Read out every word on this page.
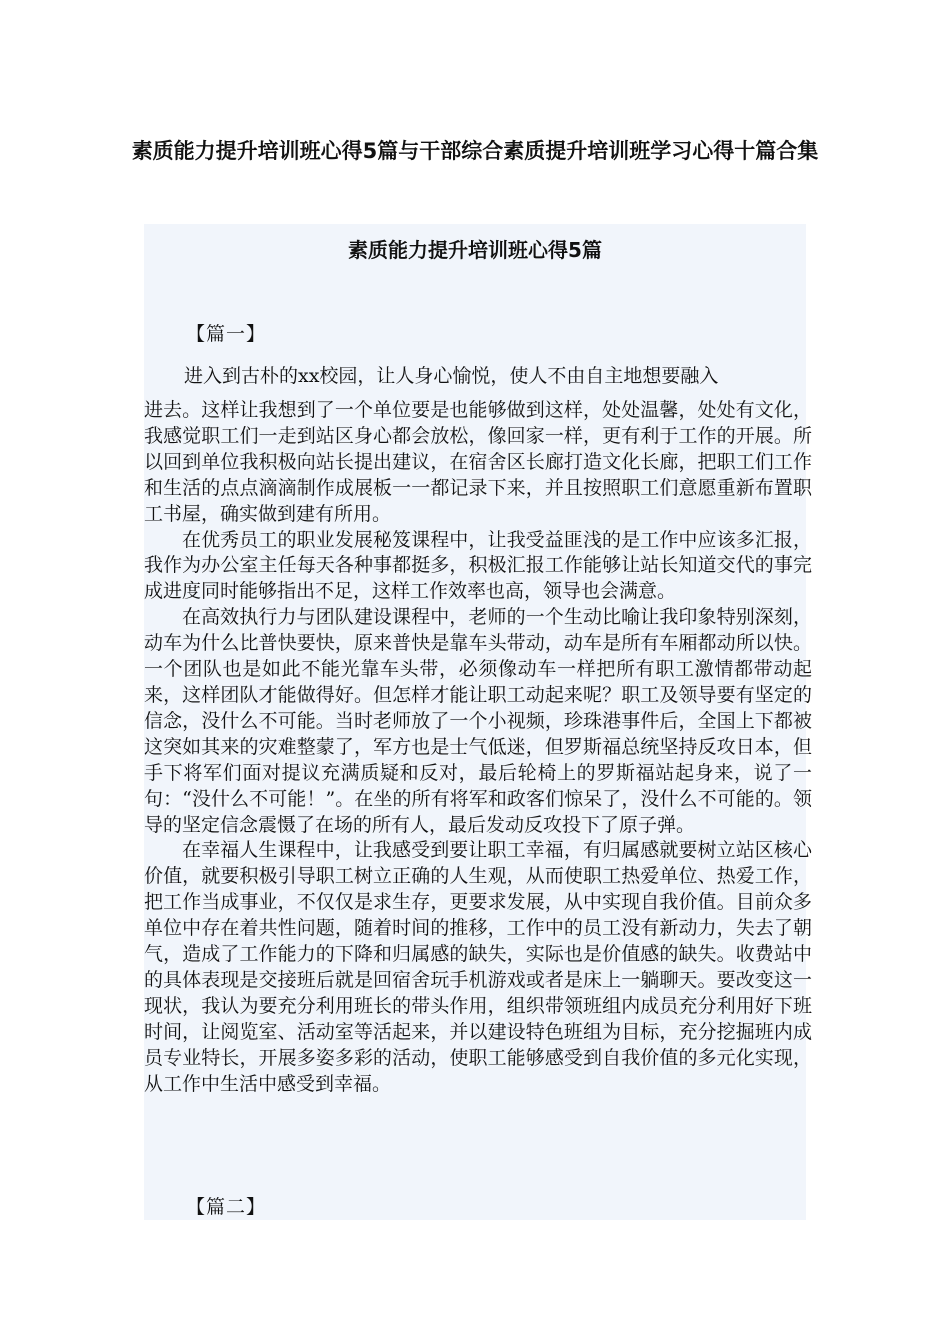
素质能力提升培训班心得5篇与干部综合素质提升培训班学习心得十篇合集
素质能力提升培训班心得5篇
【篇一】

进入到古朴的xx校园，让人身心愉悦，使人不由自主地想要融入

进去。这样让我想到了一个单位要是也能够做到这样，处处温馨，处处有文化，我感觉职工们一走到站区身心都会放松，像回家一样，更有利于工作的开展。所以回到单位我积极向站长提出建议，在宿舍区长廊打造文化长廊，把职工们工作和生活的点点滴滴制作成展板一一都记录下来，并且按照职工们意愿重新布置职工书屋，确实做到建有所用。

在优秀员工的职业发展秘笈课程中，让我受益匪浅的是工作中应该多汇报，我作为办公室主任每天各种事都挺多，积极汇报工作能够让站长知道交代的事完成进度同时能够指出不足，这样工作效率也高，领导也会满意。

在高效执行力与团队建设课程中，老师的一个生动比喻让我印象特别深刻，动车为什么比普快要快，原来普快是靠车头带动，动车是所有车厢都动所以快。一个团队也是如此不能光靠车头带，必须像动车一样把所有职工激情都带动起来，这样团队才能做得好。但怎样才能让职工动起来呢？职工及领导要有坚定的信念，没什么不可能。当时老师放了一个小视频，珍珠港事件后，全国上下都被这突如其来的灾难整蒙了，军方也是士气低迷，但罗斯福总统坚持反攻日本，但手下将军们面对提议充满质疑和反对，最后轮椅上的罗斯福站起身来，说了一句：“没什么不可能！”。在坐的所有将军和政客们惊呆了，没什么不可能的。领导的坚定信念震慑了在场的所有人，最后发动反攻投下了原子弹。

在幸福人生课程中，让我感受到要让职工幸福，有归属感就要树立站区核心价值，就要积极引导职工树立正确的人生观，从而使职工热爱单位、热爱工作，把工作当成事业，不仅仅是求生存，更要求发展，从中实现自我价值。目前众多单位中存在着共性问题，随着时间的推移，工作中的员工没有新动力，失去了朝气，造成了工作能力的下降和归属感的缺失，实际也是价值感的缺失。收费站中的具体表现是交接班后就是回宿舍玩手机游戏或者是床上一躺聊天。要改变这一现状，我认为要充分利用班长的带头作用，组织带领班组内成员充分利用好下班时间，让阅览室、活动室等活起来，并以建设特色班组为目标，充分挖掘班内成员专业特长，开展多姿多彩的活动，使职工能够感受到自我价值的多元化实现，从工作中生活中感受到幸福。

【篇二】
